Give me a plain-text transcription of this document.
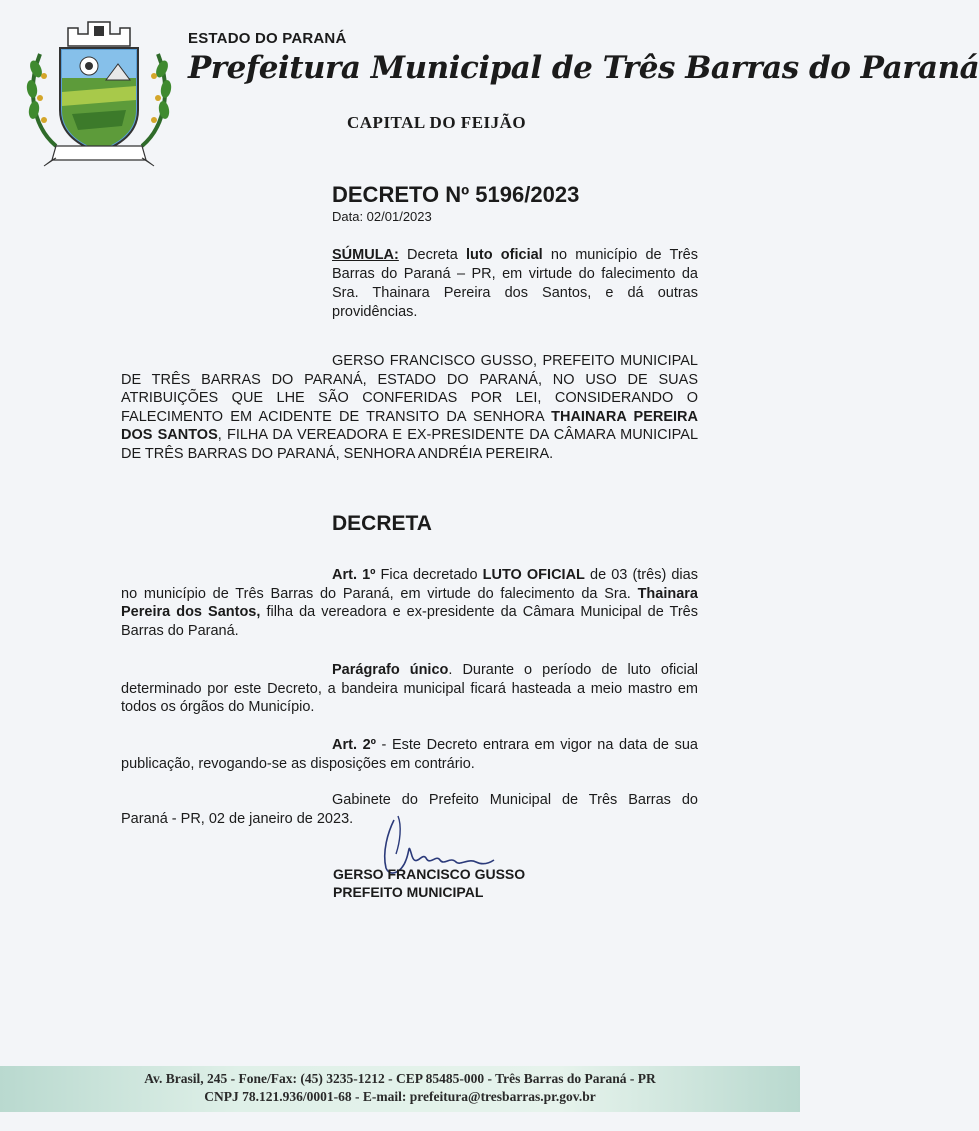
ESTADO DO PARANÁ
Prefeitura Municipal de Três Barras do Paraná
CAPITAL DO FEIJÃO
DECRETO Nº 5196/2023
Data: 02/01/2023
SÚMULA: Decreta luto oficial no município de Três Barras do Paraná – PR, em virtude do falecimento da Sra. Thainara Pereira dos Santos, e dá outras providências.
GERSO FRANCISCO GUSSO, PREFEITO MUNICIPAL DE TRÊS BARRAS DO PARANÁ, ESTADO DO PARANÁ, NO USO DE SUAS ATRIBUIÇÕES QUE LHE SÃO CONFERIDAS POR LEI, CONSIDERANDO O FALECIMENTO EM ACIDENTE DE TRANSITO DA SENHORA THAINARA PEREIRA DOS SANTOS, FILHA DA VEREADORA E EX-PRESIDENTE DA CÂMARA MUNICIPAL DE TRÊS BARRAS DO PARANÁ, SENHORA ANDRÉIA PEREIRA.
DECRETA
Art. 1º Fica decretado LUTO OFICIAL de 03 (três) dias no município de Três Barras do Paraná, em virtude do falecimento da Sra. Thainara Pereira dos Santos, filha da vereadora e ex-presidente da Câmara Municipal de Três Barras do Paraná.
Parágrafo único. Durante o período de luto oficial determinado por este Decreto, a bandeira municipal ficará hasteada a meio mastro em todos os órgãos do Município.
Art. 2º - Este Decreto entrara em vigor na data de sua publicação, revogando-se as disposições em contrário.
Gabinete do Prefeito Municipal de Três Barras do Paraná - PR, 02 de janeiro de 2023.
GERSO FRANCISCO GUSSO
PREFEITO MUNICIPAL
Av. Brasil, 245 - Fone/Fax: (45) 3235-1212 - CEP 85485-000 - Três Barras do Paraná - PR
CNPJ 78.121.936/0001-68 - E-mail: prefeitura@tresbarras.pr.gov.br
